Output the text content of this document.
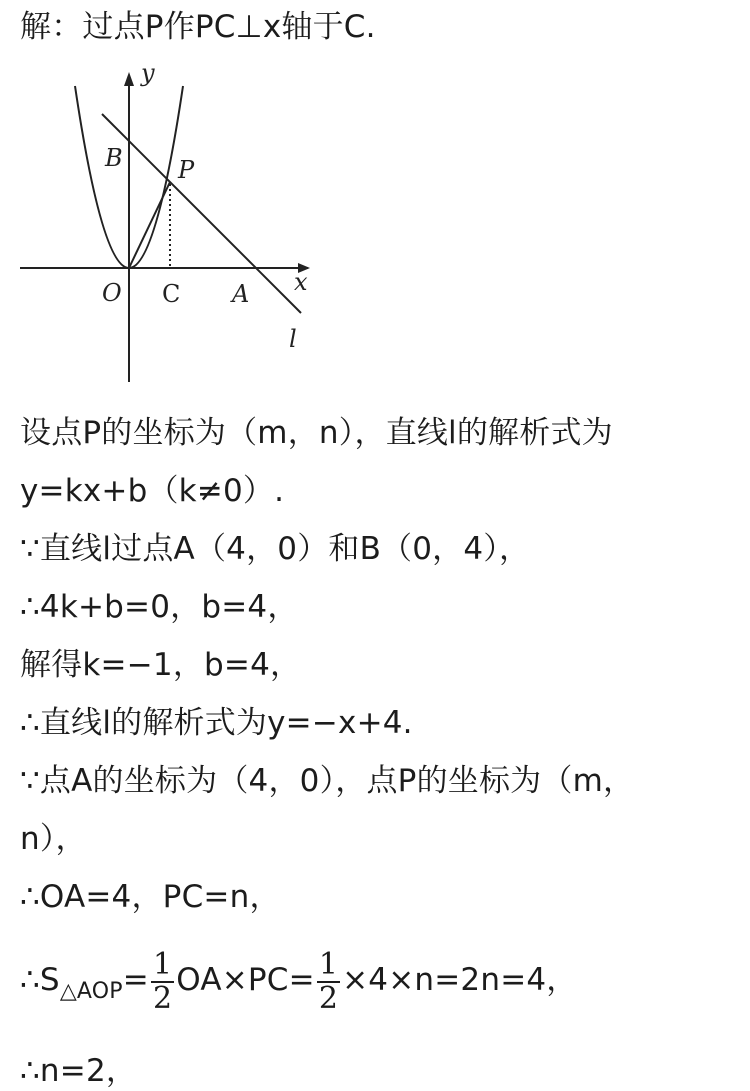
解：过点P作PC⊥x轴于C.
y
B P
O C A x
l
设点P的坐标为（m，n），直线l的解析式为
y=kx+b（k≠0）.
∵直线l过点A（4，0）和B（0，4），
∴4k+b=0，b=4，
解得k=−1，b=4，
∴直线l的解析式为y=−x+4.
∵点A的坐标为（4，0），点P的坐标为（m，
n），
∴OA=4，PC=n，
$\therefore S_{\triangle AOP}= \frac{1}{2} OA\times PC= \frac{1}{2} \times 4\times n=2n=4$，
∴n=2，
